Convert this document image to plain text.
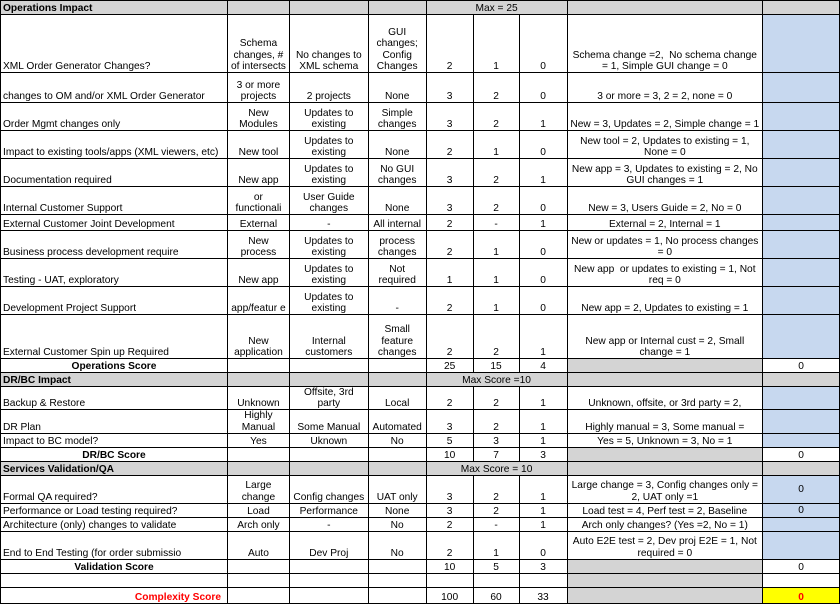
Operations Impact				Max = 25				
XML Order Generator Changes?	Schema changes, # of intersects	No changes to XML schema	GUI changes; Config Changes	2	1	0	Schema change =2,  No schema change = 1, Simple GUI change = 0	
changes to OM and/or XML Order Generator	3 or more projects	2 projects	None	3	2	0	3 or more = 3, 2 = 2, none = 0	
Order Mgmt changes only	New Modules	Updates to existing	Simple changes	3	2	1	New = 3, Updates = 2, Simple change = 1	
Impact to existing tools/apps (XML viewers, etc)	New tool	Updates to existing	None	2	1	0	New tool = 2, Updates to existing = 1, None = 0	
Documentation required	New app	Updates to existing	No GUI changes	3	2	1	New app = 3, Updates to existing = 2, No GUI changes = 1	
Internal Customer Support	or functionali	User Guide changes	None	3	2	0	New = 3, Users Guide = 2, No = 0	
External Customer Joint Development	External	-	All internal	2	-	1	External = 2, Internal = 1	
Business process development require	New process	Updates to existing	process changes	2	1	0	New or updates = 1, No process changes = 0	
Testing - UAT, exploratory	New app	Updates to existing	Not required	1	1	0	New app  or updates to existing = 1, Not req = 0	
Development Project Support	app/featur e	Updates to existing	-	2	1	0	New app = 2, Updates to existing = 1	
External Customer Spin up Required	New application	Internal customers	Small feature changes	2	2	1	New app or Internal cust = 2, Small change = 1	
Operations Score				25	15	4		0
DR/BC Impact				Max Score =10				
Backup & Restore	Unknown	Offsite, 3rd party	Local	2	2	1	Unknown, offsite, or 3rd party = 2,	
DR Plan	Highly Manual	Some Manual	Automated	3	2	1	Highly manual = 3, Some manual =	
Impact to BC model?	Yes	Uknown	No	5	3	1	Yes = 5, Unknown = 3, No = 1	
DR/BC Score				10	7	3		0
Services Validation/QA				Max Score = 10				
Formal QA required?	Large change	Config changes	UAT only	3	2	1	Large change = 3, Config changes only = 2, UAT only =1	0
Performance or Load testing required?	Load	Performance	None	3	2	1	Load test = 4, Perf test = 2, Baseline	0
Architecture (only) changes to validate	Arch only	-	No	2	-	1	Arch only changes? (Yes =2, No = 1)	
End to End Testing (for order submissio	Auto	Dev Proj	No	2	1	0	Auto E2E test = 2, Dev proj E2E = 1, Not required = 0	
Validation Score				10	5	3		0

Complexity Score				100	60	33		0
